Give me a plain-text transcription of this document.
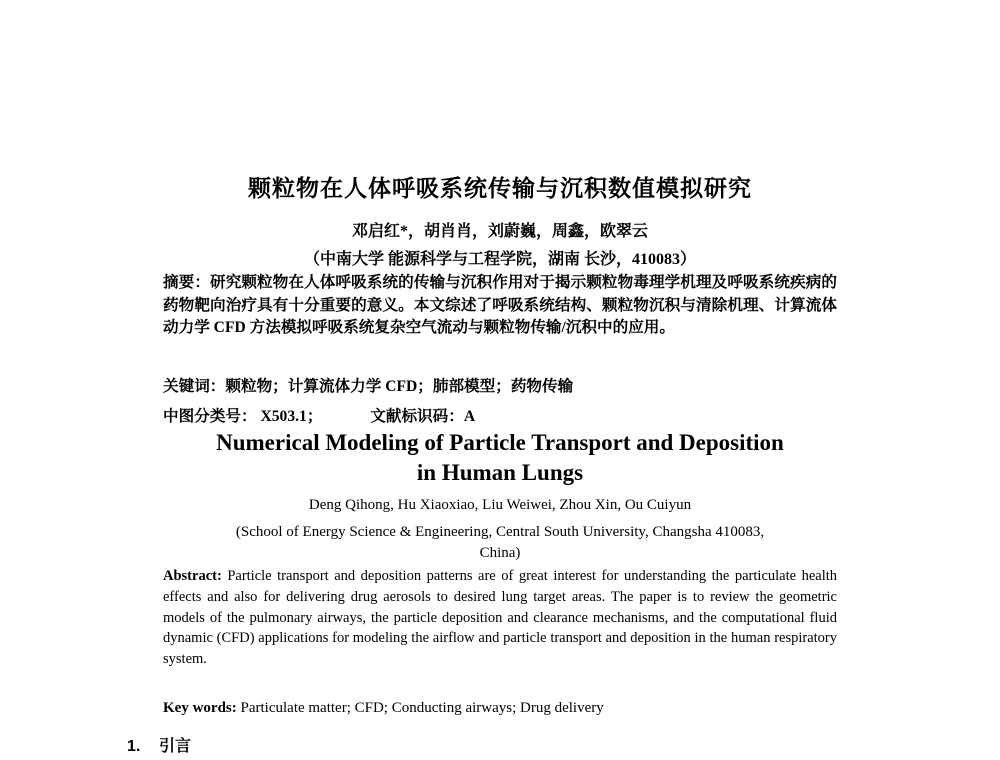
颗粒物在人体呼吸系统传输与沉积数值模拟研究
邓启红*，胡肖肖，刘蔚巍，周鑫，欧翠云
（中南大学 能源科学与工程学院，湖南 长沙，410083）
摘要：研究颗粒物在人体呼吸系统的传输与沉积作用对于揭示颗粒物毒理学机理及呼吸系统疾病的药物靶向治疗具有十分重要的意义。本文综述了呼吸系统结构、颗粒物沉积与清除机理、计算流体动力学 CFD 方法模拟呼吸系统复杂空气流动与颗粒物传输/沉积中的应用。
关键词：颗粒物；计算流体力学 CFD；肺部模型；药物传输
中图分类号： X503.1；	文献标识码：A
Numerical Modeling of Particle Transport and Deposition
in Human Lungs
Deng Qihong, Hu Xiaoxiao, Liu Weiwei, Zhou Xin, Ou Cuiyun
(School of Energy Science & Engineering, Central South University, Changsha 410083,
China)
Abstract: Particle transport and deposition patterns are of great interest for understanding the particulate health effects and also for delivering drug aerosols to desired lung target areas. The paper is to review the geometric models of the pulmonary airways, the particle deposition and clearance mechanisms, and the computational fluid dynamic (CFD) applications for modeling the airflow and particle transport and deposition in the human respiratory system.
Key words: Particulate matter; CFD; Conducting airways; Drug delivery
1. 引言
